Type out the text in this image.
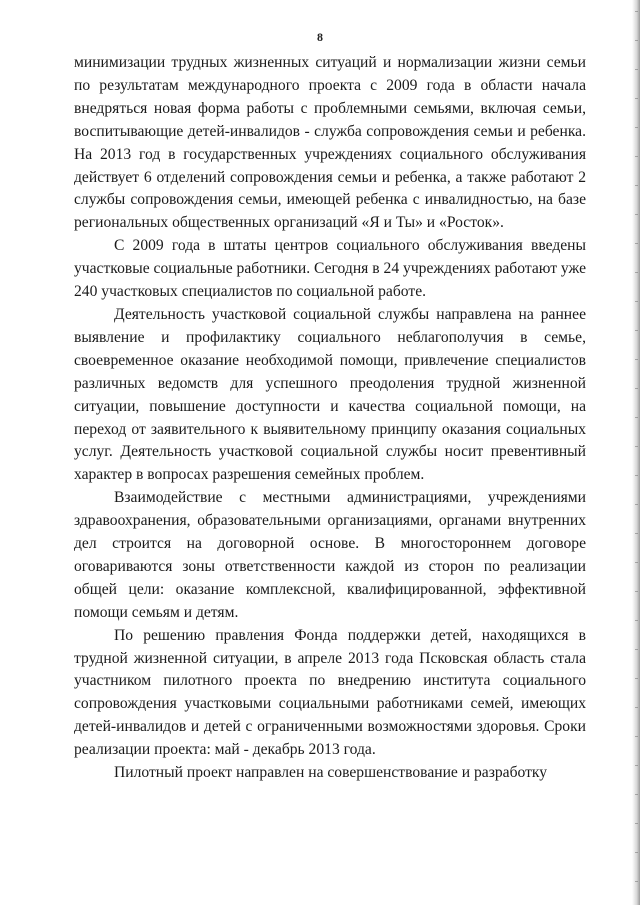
8

минимизации трудных жизненных ситуаций и нормализации жизни семьи по результатам международного проекта с 2009 года в области начала внедряться новая форма работы с проблемными семьями, включая семьи, воспитывающие детей-инвалидов - служба сопровождения семьи и ребенка. На 2013 год в государственных учреждениях социального обслуживания действует 6 отделений сопровождения семьи и ребенка, а также работают 2 службы сопровождения семьи, имеющей ребенка с инвалидностью, на базе региональных общественных организаций «Я и Ты» и «Росток».

С 2009 года в штаты центров социального обслуживания введены участковые социальные работники. Сегодня в 24 учреждениях работают уже 240 участковых специалистов по социальной работе.

Деятельность участковой социальной службы направлена на раннее выявление и профилактику социального неблагополучия в семье, своевременное оказание необходимой помощи, привлечение специалистов различных ведомств для успешного преодоления трудной жизненной ситуации, повышение доступности и качества социальной помощи, на переход от заявительного к выявительному принципу оказания социальных услуг. Деятельность участковой социальной службы носит превентивный характер в вопросах разрешения семейных проблем.

Взаимодействие с местными администрациями, учреждениями здравоохранения, образовательными организациями, органами внутренних дел строится на договорной основе. В многостороннем договоре оговариваются зоны ответственности каждой из сторон по реализации общей цели: оказание комплексной, квалифицированной, эффективной помощи семьям и детям.

По решению правления Фонда поддержки детей, находящихся в трудной жизненной ситуации, в апреле 2013 года Псковская область стала участником пилотного проекта по внедрению института социального сопровождения участковыми социальными работниками семей, имеющих детей-инвалидов и детей с ограниченными возможностями здоровья. Сроки реализации проекта: май - декабрь 2013 года.

Пилотный проект направлен на совершенствование и разработку
